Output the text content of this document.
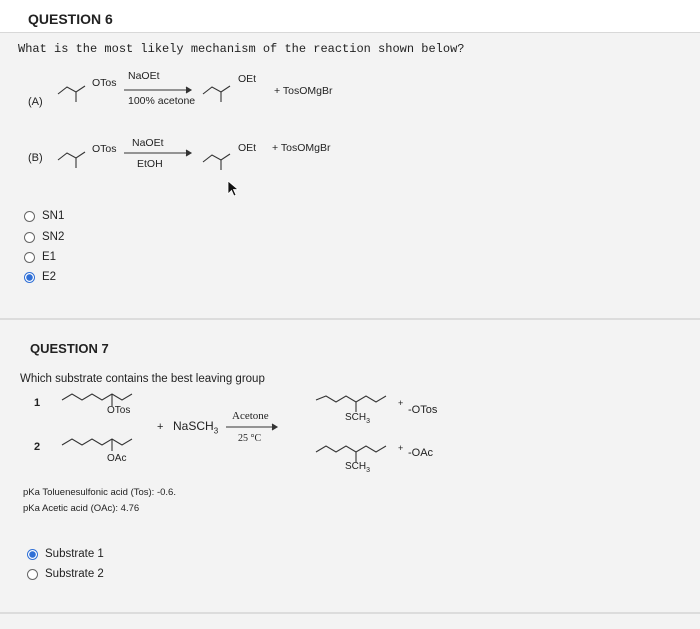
QUESTION 6
What is the most likely mechanism of the reaction shown below?
(A)
OTos
NaOEt
100% acetone
OEt
+ TosOMgBr
(B)
OTos NaOEt
EtOH
OEt + TosOMgBr
SN1
SN2
E1
E2
QUESTION 7
Which substrate contains the best leaving group
1
OTos
2
OAc
+ NaSCH$_3$
Acetone
25 °C
$SCH_3$
+
-OTos
$SCH_3$
+ -OAc
pKa Toluenesulfonic acid (Tos): -0.6.
pKa Acetic acid (OAc): 4.76
Substrate 1
Substrate 2
